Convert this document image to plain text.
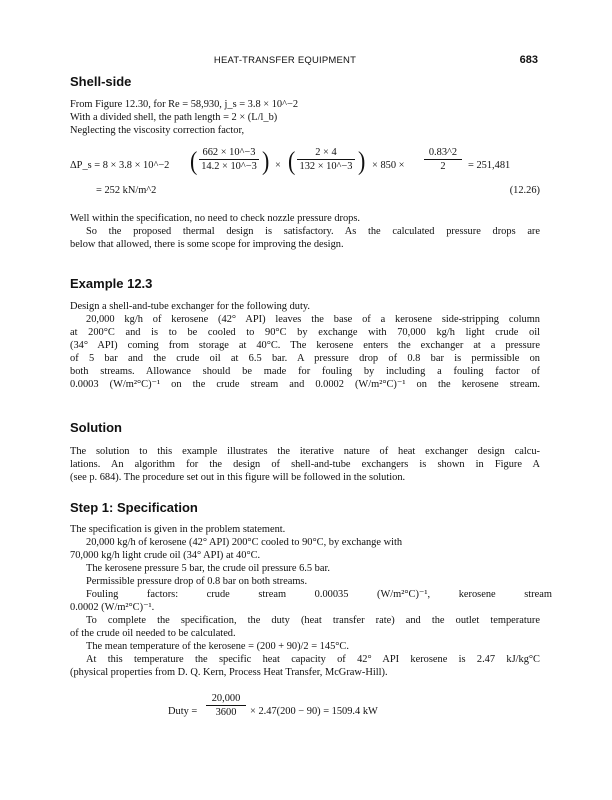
HEAT-TRANSFER EQUIPMENT	683
Shell-side
From Figure 12.30, for Re = 58,930, j_s = 3.8 × 10^−2
With a divided shell, the path length = 2 × (L/l_b)
Neglecting the viscosity correction factor,
ΔP_s = 8 × 3.8 × 10^−2 ( $\frac{662 \times 10\^{}-3}{14.2 \times 10\^{}-3}$ ) × ( $\frac{2 \times 4}{132 \times 10\^{}-3}$ ) × $850 \times \frac{0.83\^{}2}{2} = 251,481$
= 252 kN/m^2	(12.26)
Well within the specification, no need to check nozzle pressure drops.
So the proposed thermal design is satisfactory. As the calculated pressure drops are
below that allowed, there is some scope for improving the design.
Example 12.3
Design a shell-and-tube exchanger for the following duty.
20,000 kg/h of kerosene (42° API) leaves the base of a kerosene side-stripping column
at 200°C and is to be cooled to 90°C by exchange with 70,000 kg/h light crude oil
(34° API) coming from storage at 40°C. The kerosene enters the exchanger at a pressure
of 5 bar and the crude oil at 6.5 bar. A pressure drop of 0.8 bar is permissible on
both streams. Allowance should be made for fouling by including a fouling factor of
0.0003 (W/m²°C)⁻¹ on the crude stream and 0.0002 (W/m²°C)⁻¹ on the kerosene stream.
Solution
The solution to this example illustrates the iterative nature of heat exchanger design calcu-
lations. An algorithm for the design of shell-and-tube exchangers is shown in Figure A
(see p. 684). The procedure set out in this figure will be followed in the solution.
Step 1: Specification
The specification is given in the problem statement.
20,000 kg/h of kerosene (42° API) 200°C cooled to 90°C, by exchange with
70,000 kg/h light crude oil (34° API) at 40°C.
The kerosene pressure 5 bar, the crude oil pressure 6.5 bar.
Permissible pressure drop of 0.8 bar on both streams.
Fouling factors: crude stream 0.00035 (W/m²°C)⁻¹, kerosene stream
0.0002 (W/m²°C)⁻¹.
To complete the specification, the duty (heat transfer rate) and the outlet temperature
of the crude oil needed to be calculated.
The mean temperature of the kerosene = (200 + 90)/2 = 145°C.
At this temperature the specific heat capacity of 42° API kerosene is 2.47 kJ/kg°C
(physical properties from D. Q. Kern, Process Heat Transfer, McGraw-Hill).
Duty = $\frac{20,000}{3600} \times 2.47(200 - 90) = 1509.4$ kW
